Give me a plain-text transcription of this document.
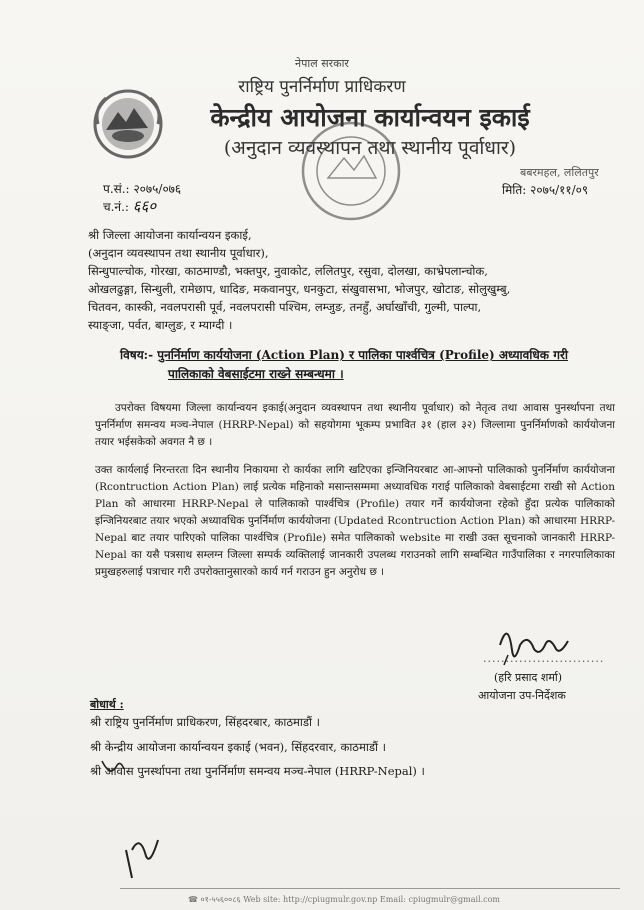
नेपाल सरकार
राष्ट्रिय पुनर्निर्माण प्राधिकरण
केन्द्रीय आयोजना कार्यान्वयन इकाई
(अनुदान व्यवस्थापन तथा स्थानीय पूर्वाधार)
बबरमहल, ललितपुर
मिति: २०७५/११/०९
प.सं.: २०७५/०७६
च.नं.: ६६०
श्री जिल्ला आयोजना कार्यान्वयन इकाई,
(अनुदान व्यवस्थापन तथा स्थानीय पूर्वाधार),
सिन्धुपाल्चोक, गोरखा, काठमाण्डौ, भक्तपुर, नुवाकोट, ललितपुर, रसुवा, दोलखा, काभ्रेपलान्चोक,
ओखलढुङ्गा, सिन्धुली, रामेछाप, धादिङ, मकवानपुर, धनकुटा, संखुवासभा, भोजपुर, खोटाङ, सोलुखुम्बु,
चितवन, कास्की, नवलपरासी पूर्व, नवलपरासी पश्चिम, लम्जुङ, तनहुँ, अर्घाखाँची, गुल्मी, पाल्पा,
स्याङ्जा, पर्वत, बाग्लुङ, र म्याग्दी ।
विषय:- पुनर्निर्माण कार्ययोजना (Action Plan) र पालिका पार्श्वचित्र (Profile) अध्यावधिक गरी
पालिकाको वेबसाईटमा राख्ने सम्बन्धमा ।
उपरोक्त विषयमा जिल्ला कार्यान्वयन इकाई(अनुदान व्यवस्थापन तथा स्थानीय पूर्वाधार) को नेतृत्व तथा आवास पुनर्स्थापना तथा पुनर्निर्माण समन्वय मञ्च-नेपाल (HRRP-Nepal) को सहयोगमा भूकम्प प्रभावित ३१ (हाल ३२) जिल्लामा पुनर्निर्माणको कार्ययोजना तयार भईसकेको अवगत नै छ ।
उक्त कार्यलाई निरन्तरता दिन स्थानीय निकायमा रो कार्यका लागि खटिएका इन्जिनियरबाट आ-आफ्नो पालिकाको पुनर्निर्माण कार्ययोजना (Rcontruction Action Plan) लाई प्रत्येक महिनाको मसान्तसम्ममा अध्यावधिक गराई पालिकाको वेबसाईटमा राखी सो Action Plan को आधारमा HRRP-Nepal ले पालिकाको पार्श्वचित्र (Profile) तयार गर्ने कार्ययोजना रहेको हुँदा प्रत्येक पालिकाको इन्जिनियरबाट तयार भएको अध्यावधिक पुनर्निर्माण कार्ययोजना (Updated Rcontruction Action Plan) को आधारमा HRRP-Nepal बाट तयार पारिएको पालिका पार्श्वचित्र (Profile) समेत पालिकाको website मा राखी उक्त सूचनाको जानकारी HRRP-Nepal का यसै पत्रसाथ सम्लग्न जिल्ला सम्पर्क व्यक्तिलाई जानकारी उपलब्ध गराउनको लागि सम्बन्धित गाउँपालिका र नगरपालिकाका प्रमुखहरुलाई पत्राचार गरी उपरोक्तानुसारको कार्य गर्न गराउन हुन अनुरोध छ ।
...........................
(हरि प्रसाद शर्मा)
आयोजना उप-निर्देशक
बोधार्थ :
श्री राष्ट्रिय पुनर्निर्माण प्राधिकरण, सिंहदरबार, काठमाडौं ।
श्री केन्द्रीय आयोजना कार्यान्वयन इकाई (भवन), सिंहदरवार, काठमाडौं ।
श्री आवास पुनर्स्थापना तथा पुनर्निर्माण समन्वय मञ्च-नेपाल (HRRP-Nepal) ।
☎ ०१-५५६००८६ Web site: http://cpiugmulr.gov.np Email: cpiugmulr@gmail.com
